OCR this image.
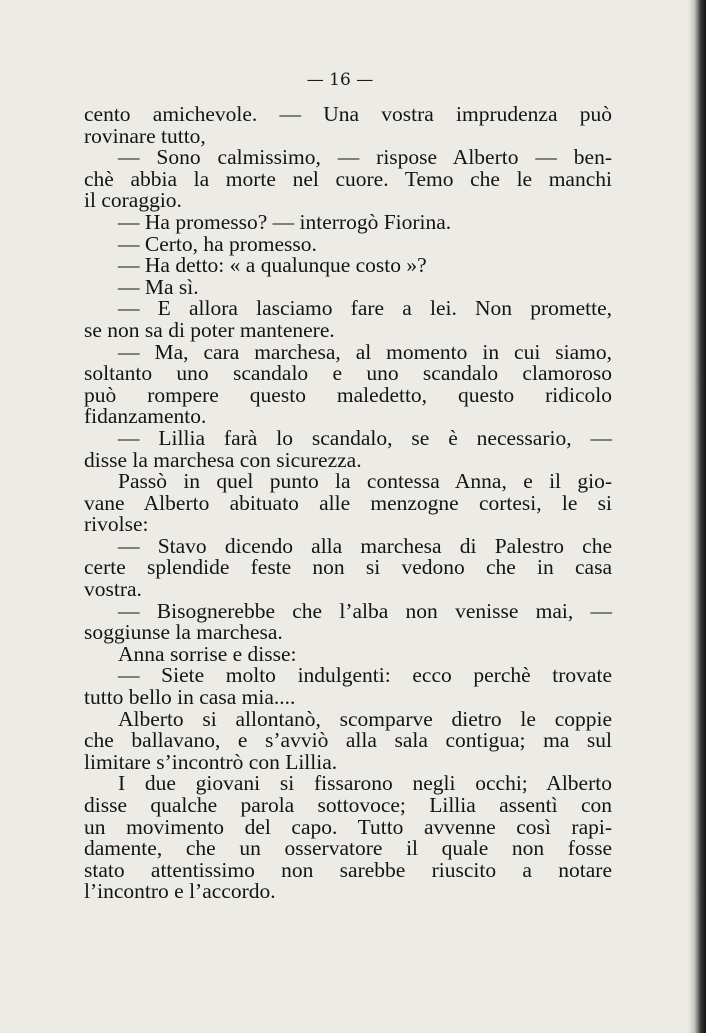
— 16 —
cento amichevole. — Una vostra imprudenza può
rovinare tutto,
— Sono calmissimo, — rispose Alberto — ben-
chè abbia la morte nel cuore. Temo che le manchi
il coraggio.
— Ha promesso? — interrogò Fiorina.
— Certo, ha promesso.
— Ha detto: « a qualunque costo »?
— Ma sì.
— E allora lasciamo fare a lei. Non promette,
se non sa di poter mantenere.
— Ma, cara marchesa, al momento in cui siamo,
soltanto uno scandalo e uno scandalo clamoroso
può rompere questo maledetto, questo ridicolo
fidanzamento.
— Lillia farà lo scandalo, se è necessario, —
disse la marchesa con sicurezza.
Passò in quel punto la contessa Anna, e il gio-
vane Alberto abituato alle menzogne cortesi, le si
rivolse:
— Stavo dicendo alla marchesa di Palestro che
certe splendide feste non si vedono che in casa
vostra.
— Bisognerebbe che l’alba non venisse mai, —
soggiunse la marchesa.
Anna sorrise e disse:
— Siete molto indulgenti: ecco perchè trovate
tutto bello in casa mia....
Alberto si allontanò, scomparve dietro le coppie
che ballavano, e s’avviò alla sala contigua; ma sul
limitare s’incontrò con Lillia.
I due giovani si fissarono negli occhi; Alberto
disse qualche parola sottovoce; Lillia assentì con
un movimento del capo. Tutto avvenne così rapi-
damente, che un osservatore il quale non fosse
stato attentissimo non sarebbe riuscito a notare
l’incontro e l’accordo.
